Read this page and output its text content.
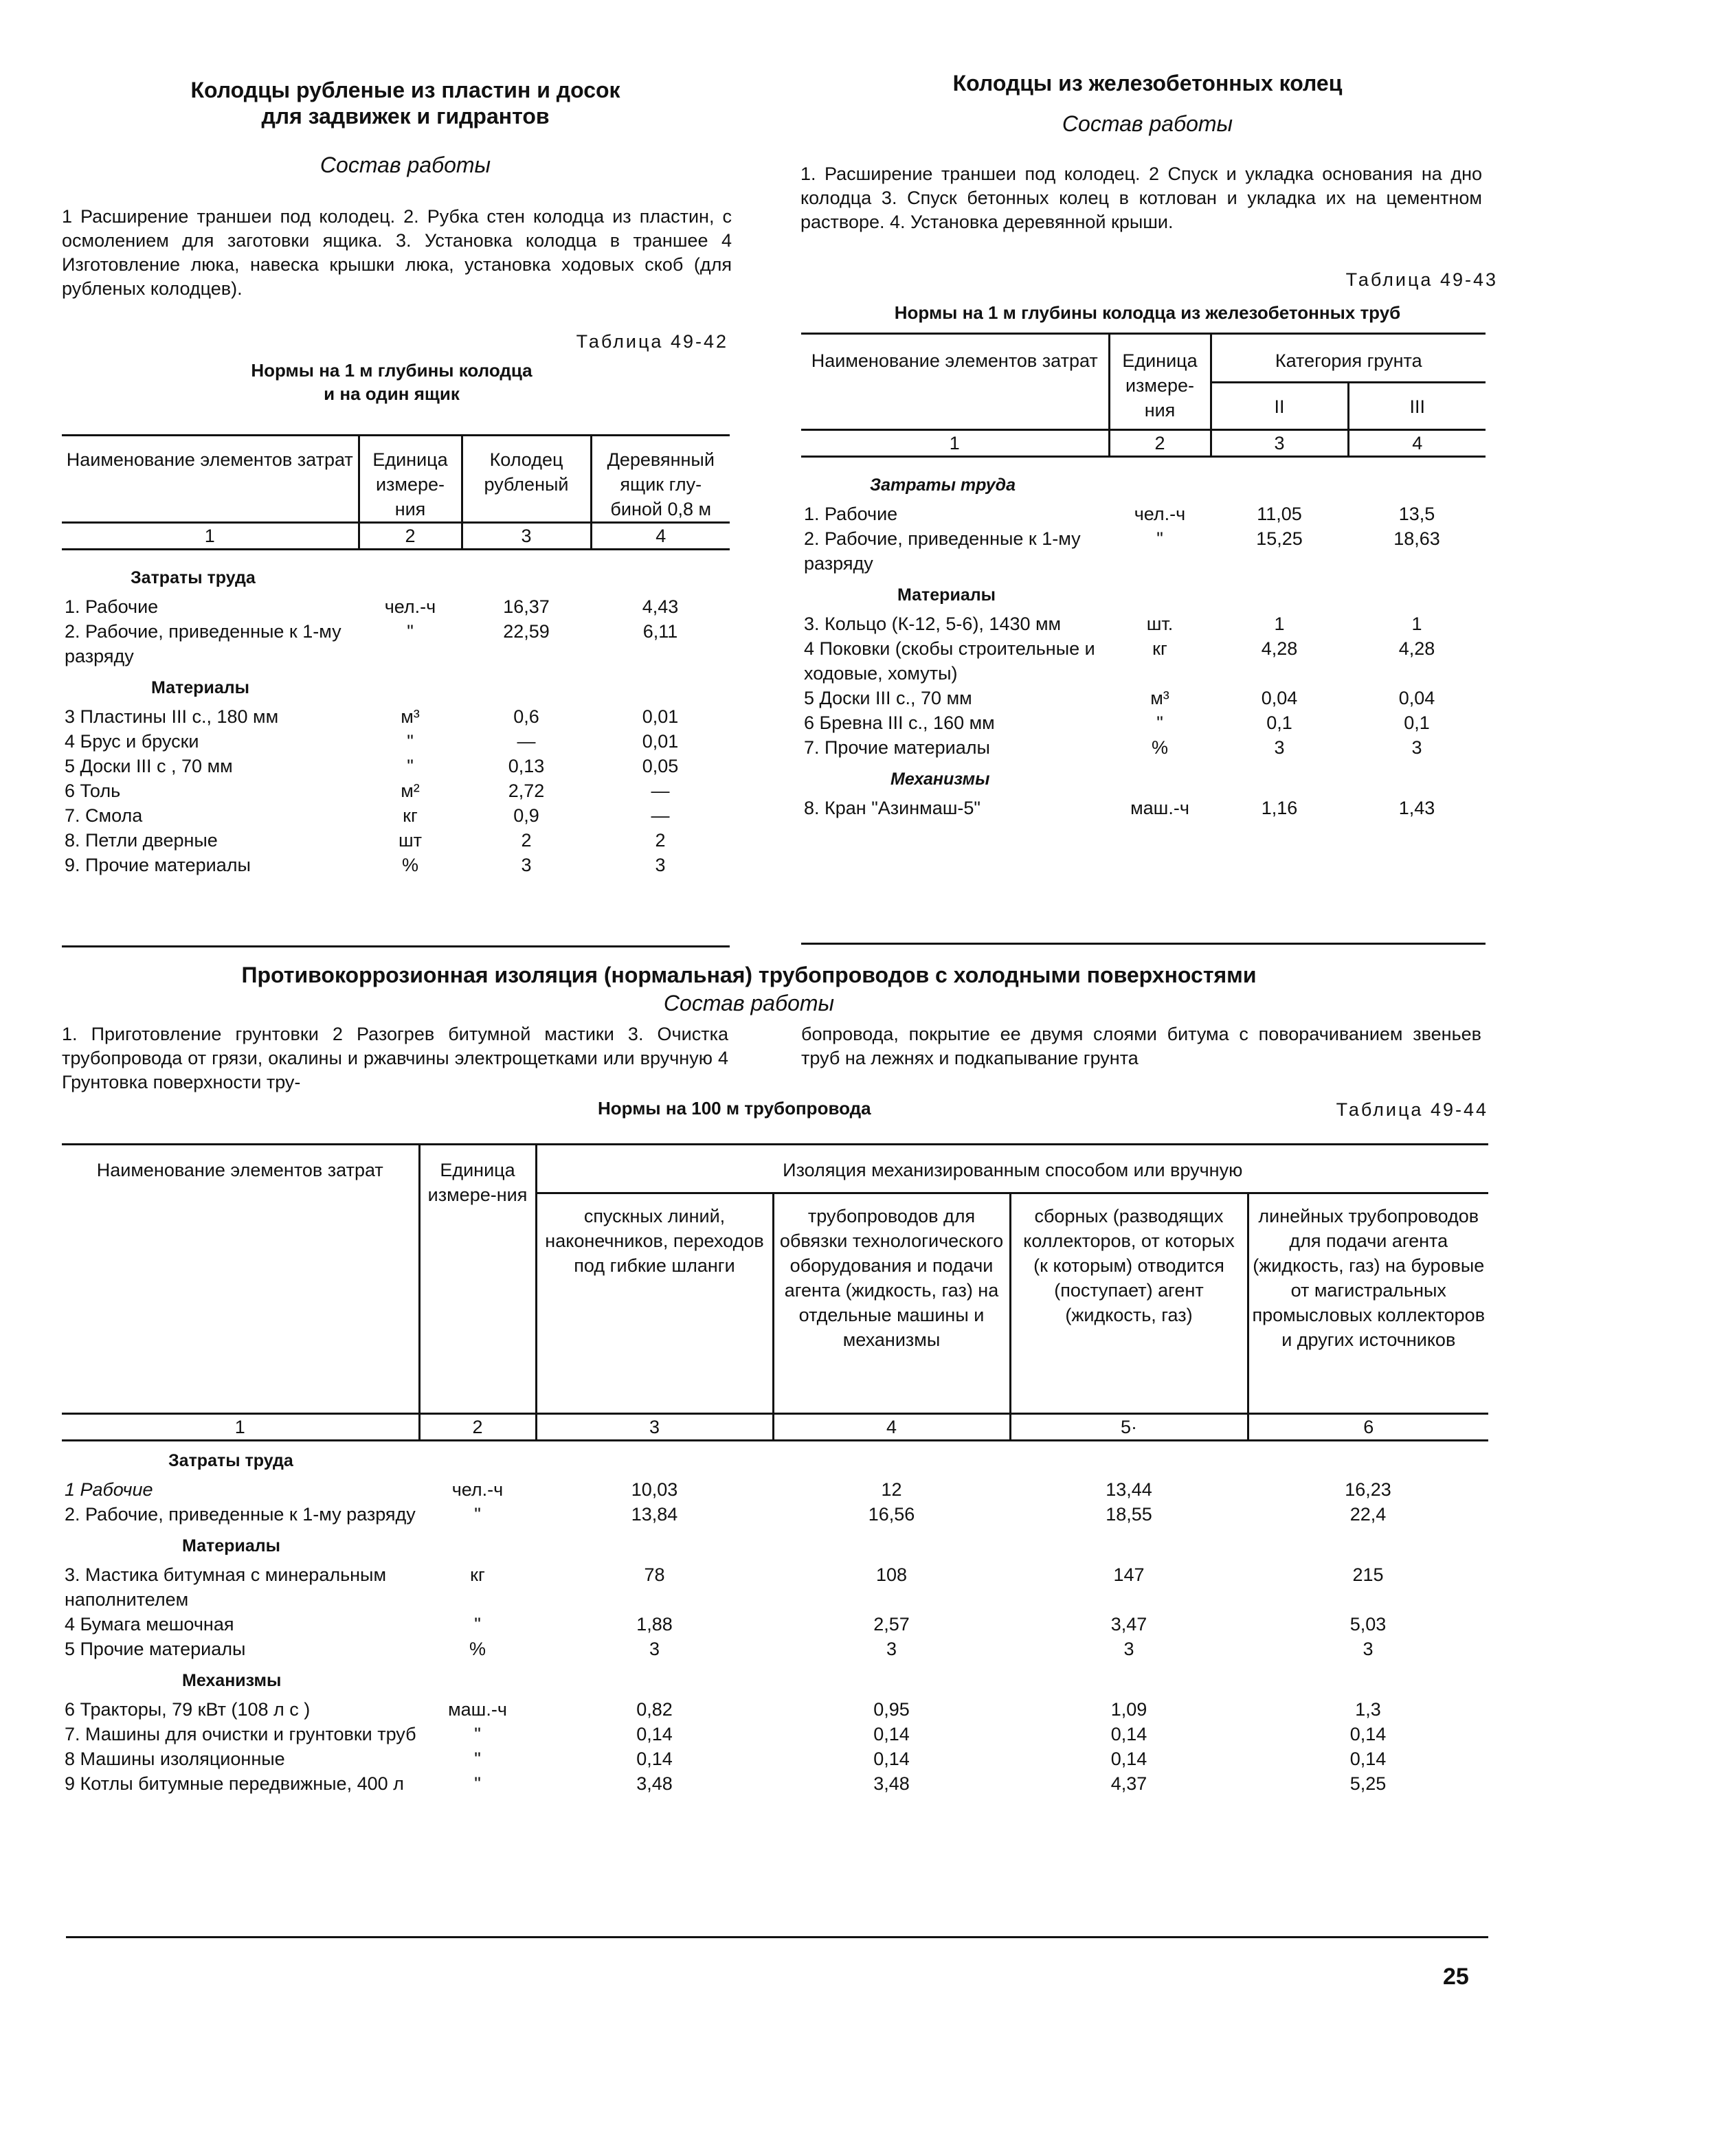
Колодцы рубленые из пластин и досок
для задвижек и гидрантов
Состав работы
1 Расширение траншеи под колодец. 2. Рубка стен колодца из пластин, с осмолением для заготовки ящика. 3. Установка колодца в траншее 4 Изготовление люка, навеска крышки люка, установка ходовых скоб (для рубленых колодцев).
Таблица 49-42
Нормы на 1 м глубины колодца
и на один ящик
Наименование элементов затрат	Единица измере-ния	Колодец рубленый	Деревянный ящик глу-биной 0,8 м
1	2	3	4
Затраты труда			
1. Рабочие	чел.-ч	16,37	4,43
2. Рабочие, приведенные к 1-му разряду	"	22,59	6,11
Материалы			
3 Пластины III с., 180 мм	м³	0,6	0,01
4 Брус и бруски	"	—	0,01
5 Доски III с , 70 мм	"	0,13	0,05
6 Толь	м²	2,72	—
7. Смола	кг	0,9	—
8. Петли дверные	шт	2	2
9. Прочие материалы	%	3	3
Колодцы из железобетонных колец
Состав работы
1. Расширение траншеи под колодец. 2 Спуск и укладка основания на дно колодца 3. Спуск бетонных колец в котлован и укладка их на цементном растворе. 4. Установка деревянной крыши.
Таблица 49-43
Нормы на 1 м глубины колодца из железобетонных труб
Наименование элементов затрат	Единица измере-ния	Категория грунта	
		II	III
1	2	3	4
Затраты труда			
1. Рабочие	чел.-ч	11,05	13,5
2. Рабочие, приведенные к 1-му разряду	"	15,25	18,63
Материалы			
3. Кольцо (К-12, 5-6), 1430 мм	шт.	1	1
4 Поковки (скобы строительные и ходовые, хомуты)	кг	4,28	4,28
5 Доски III с., 70 мм	м³	0,04	0,04
6 Бревна III с., 160 мм	"	0,1	0,1
7. Прочие материалы	%	3	3
Механизмы			
8. Кран "Азинмаш-5"	маш.-ч	1,16	1,43
Противокоррозионная изоляция (нормальная) трубопроводов с холодными поверхностями
Состав работы
1. Приготовление грунтовки 2 Разогрев битумной мастики 3. Очистка трубопровода от грязи, окалины и ржавчины электрощетками или вручную 4 Грунтовка поверхности тру-
бопровода, покрытие ее двумя слоями битума с поворачиванием звеньев труб на лежнях и подкапывание грунта
Нормы на 100 м трубопровода	Таблица 49-44
Наименование элементов затрат	Единица измере-ния	Изоляция механизированным способом или вручную			
		спускных линий, наконечников, переходов под гибкие шланги	трубопроводов для обвязки технологического оборудования и подачи агента (жидкость, газ) на отдельные машины и механизмы	сборных (разводящих коллекторов, от которых (к которым) отводится (поступает) агент (жидкость, газ)	линейных трубопроводов для подачи агента (жидкость, газ) на буровые от магистральных промысловых коллекторов и других источников
1	2	3	4	5·	6
Затраты труда					
1 Рабочие	чел.-ч	10,03	12	13,44	16,23
2. Рабочие, приведенные к 1-му разряду	"	13,84	16,56	18,55	22,4
Материалы					
3. Мастика битумная с минеральным наполнителем	кг	78	108	147	215
4 Бумага мешочная	"	1,88	2,57	3,47	5,03
5 Прочие материалы	%	3	3	3	3
Механизмы					
6 Тракторы, 79 кВт (108 л с )	маш.-ч	0,82	0,95	1,09	1,3
7. Машины для очистки и грунтовки труб	"	0,14	0,14	0,14	0,14
8 Машины изоляционные	"	0,14	0,14	0,14	0,14
9 Котлы битумные передвижные, 400 л	"	3,48	3,48	4,37	5,25
25
